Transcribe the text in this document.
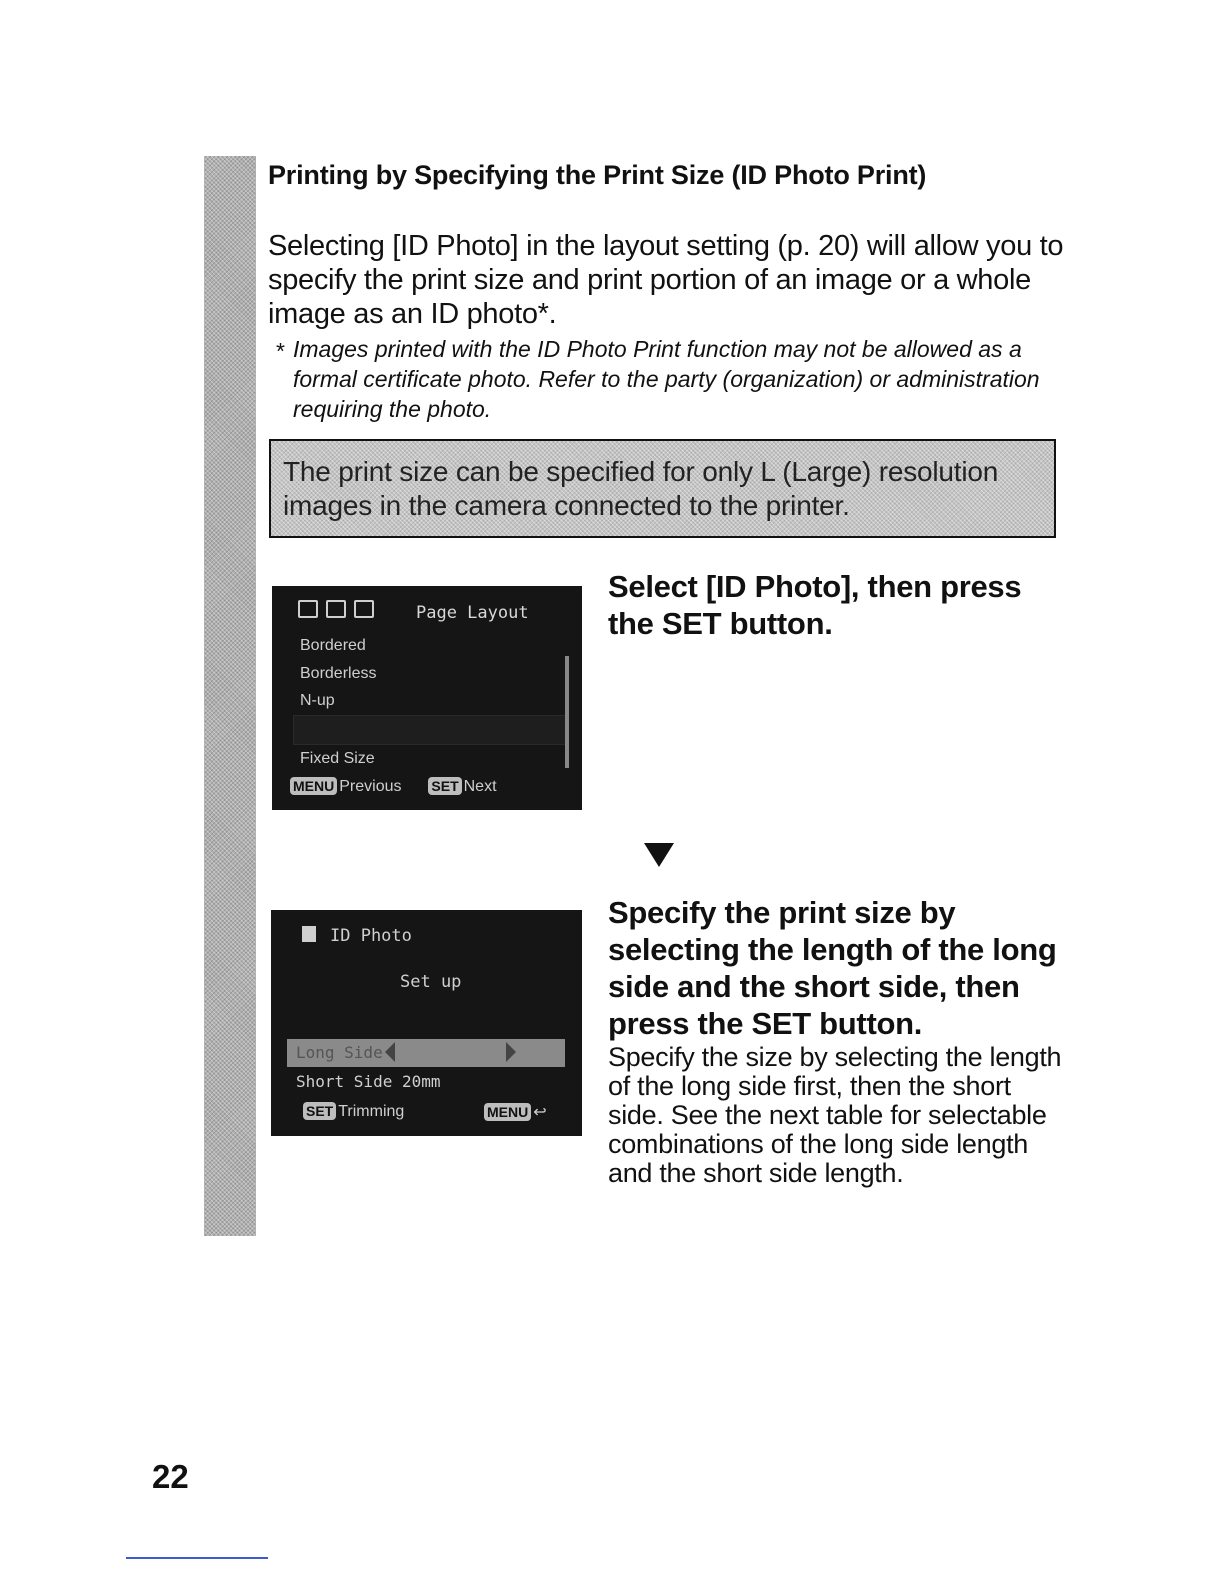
Printing by Specifying the Print Size (ID Photo Print)

Selecting [ID Photo] in the layout setting (p. 20) will allow you to specify the print size and print portion of an image or a whole image as an ID photo*.

* Images printed with the ID Photo Print function may not be allowed as a formal certificate photo. Refer to the party (organization) or administration requiring the photo.
The print size can be specified for only L (Large) resolution images in the camera connected to the printer.
Page Layout
Bordered
Borderless
N-up
Fixed Size
MENU Previous SET Next

Select [ID Photo], then press the SET button.

ID Photo
Set up
Long Side
Short Side 20mm
SET Trimming	MENU ↩

Specify the print size by selecting the length of the long side and the short side, then press the SET button.

Specify the size by selecting the length of the long side first, then the short side. See the next table for selectable combinations of the long side length and the short side length.

22
